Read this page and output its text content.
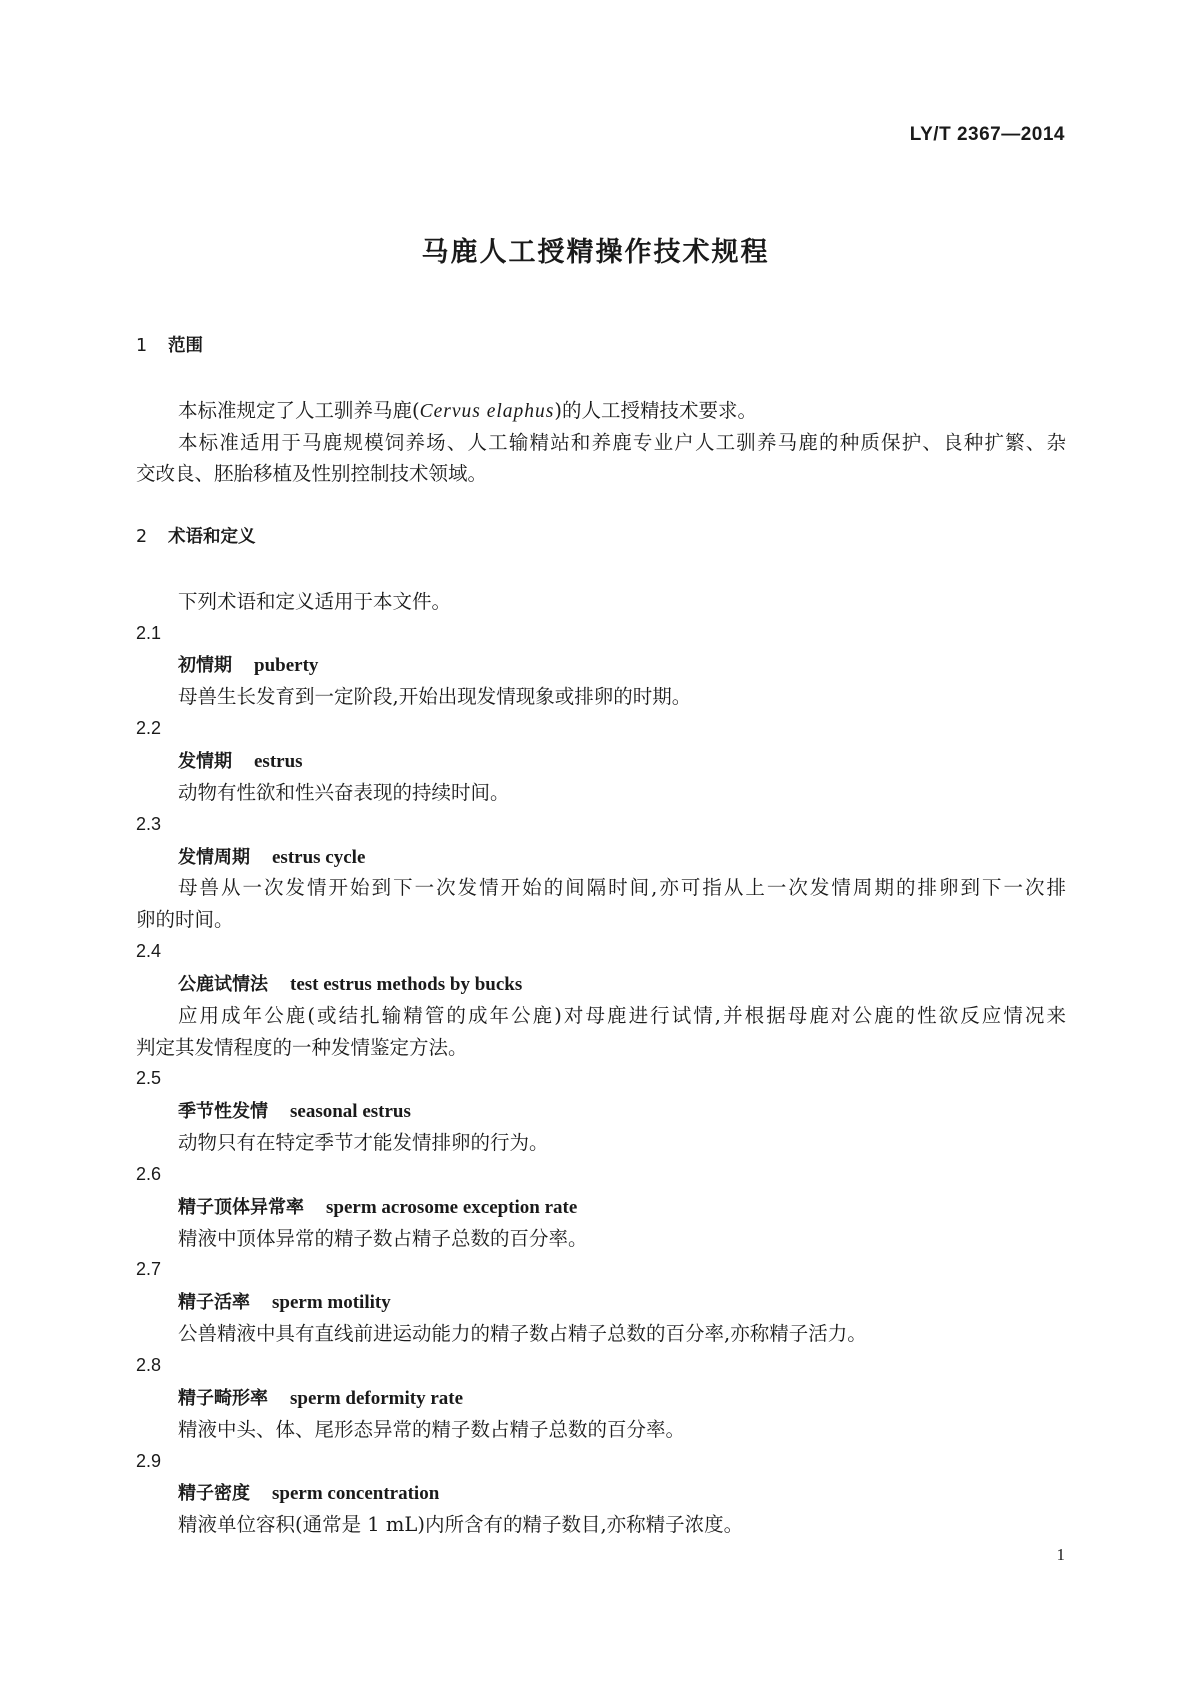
LY/T 2367—2014
马鹿人工授精操作技术规程
1 范围
本标准规定了人工驯养马鹿(Cervus elaphus)的人工授精技术要求。
本标准适用于马鹿规模饲养场、人工输精站和养鹿专业户人工驯养马鹿的种质保护、良种扩繁、杂
交改良、胚胎移植及性别控制技术领域。
2 术语和定义
下列术语和定义适用于本文件。
2.1
初情期 puberty
母兽生长发育到一定阶段,开始出现发情现象或排卵的时期。
2.2
发情期 estrus
动物有性欲和性兴奋表现的持续时间。
2.3
发情周期 estrus cycle
母兽从一次发情开始到下一次发情开始的间隔时间,亦可指从上一次发情周期的排卵到下一次排
卵的时间。
2.4
公鹿试情法 test estrus methods by bucks
应用成年公鹿(或结扎输精管的成年公鹿)对母鹿进行试情,并根据母鹿对公鹿的性欲反应情况来
判定其发情程度的一种发情鉴定方法。
2.5
季节性发情 seasonal estrus
动物只有在特定季节才能发情排卵的行为。
2.6
精子顶体异常率 sperm acrosome exception rate
精液中顶体异常的精子数占精子总数的百分率。
2.7
精子活率 sperm motility
公兽精液中具有直线前进运动能力的精子数占精子总数的百分率,亦称精子活力。
2.8
精子畸形率 sperm deformity rate
精液中头、体、尾形态异常的精子数占精子总数的百分率。
2.9
精子密度 sperm concentration
精液单位容积(通常是 1 mL)内所含有的精子数目,亦称精子浓度。
1
